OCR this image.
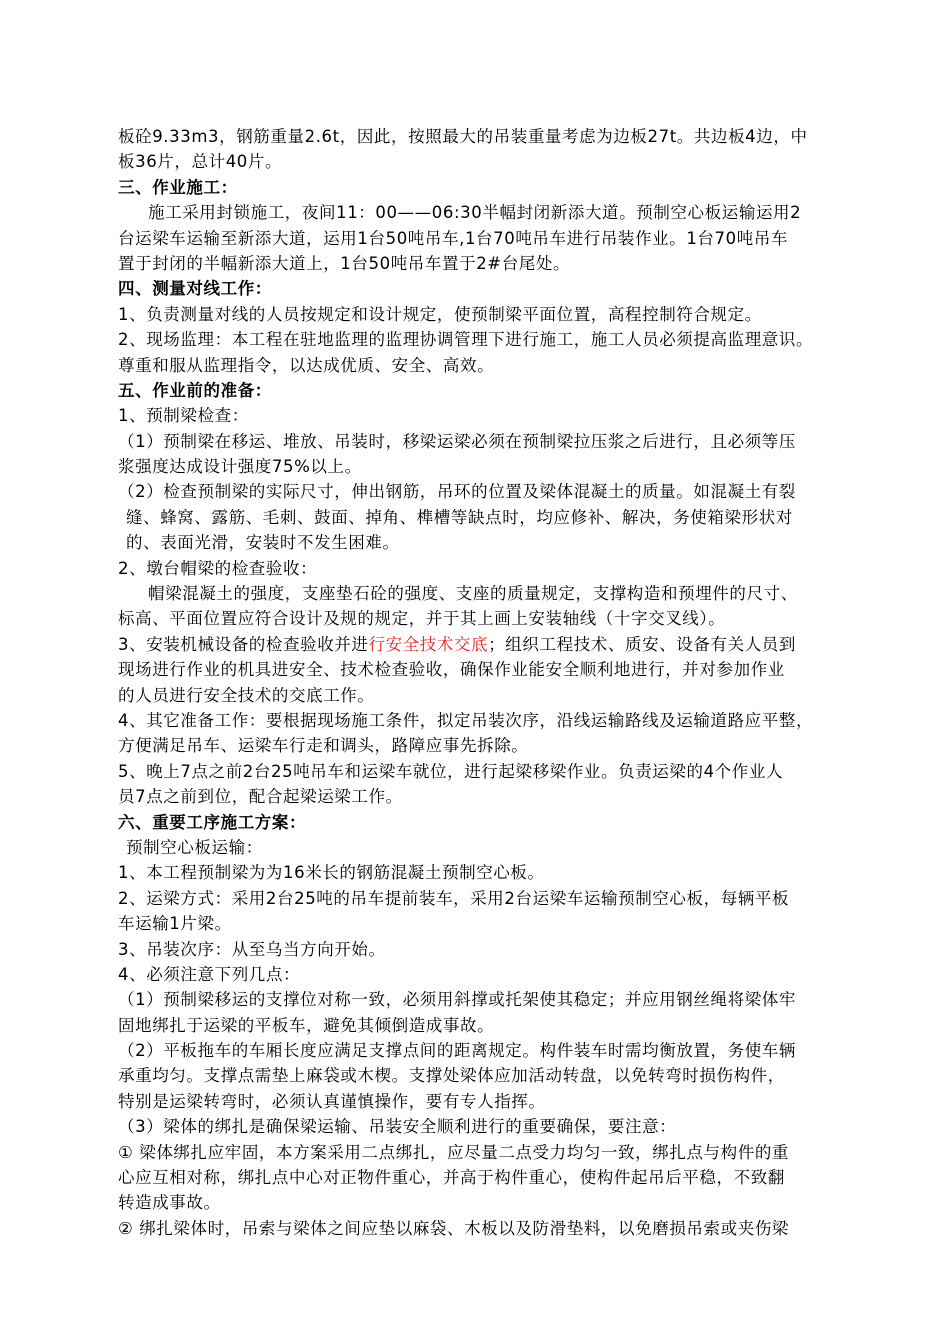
板砼9.33m3，钢筋重量2.6t，因此，按照最大的吊装重量考虑为边板27t。共边板4边，中
板36片，总计40片。
三、作业施工：
施工采用封锁施工，夜间11：00——06:30半幅封闭新添大道。预制空心板运输运用2
台运梁车运输至新添大道，运用1台50吨吊车,1台70吨吊车进行吊装作业。1台70吨吊车
置于封闭的半幅新添大道上，1台50吨吊车置于2#台尾处。
四、测量对线工作：
1、负责测量对线的人员按规定和设计规定，使预制梁平面位置，高程控制符合规定。
2、现场监理：本工程在驻地监理的监理协调管理下进行施工，施工人员必须提高监理意识。
尊重和服从监理指令，以达成优质、安全、高效。
五、作业前的准备：
1、预制梁检查：
（1）预制梁在移运、堆放、吊装时，移梁运梁必须在预制梁拉压浆之后进行，且必须等压
浆强度达成设计强度75%以上。
（2）检查预制梁的实际尺寸，伸出钢筋，吊环的位置及梁体混凝土的质量。如混凝土有裂
缝、蜂窝、露筋、毛刺、鼓面、掉角、榫槽等缺点时，均应修补、解决，务使箱梁形状对
的、表面光滑，安装时不发生困难。
2、墩台帽梁的检查验收：
帽梁混凝土的强度，支座垫石砼的强度、支座的质量规定，支撑构造和预埋件的尺寸、
标高、平面位置应符合设计及规的规定，并于其上画上安装轴线（十字交叉线）。
3、安装机械设备的检查验收并进行安全技术交底；组织工程技术、质安、设备有关人员到
现场进行作业的机具进安全、技术检查验收，确保作业能安全顺利地进行，并对参加作业
的人员进行安全技术的交底工作。
4、其它准备工作：要根据现场施工条件，拟定吊装次序，沿线运输路线及运输道路应平整，
方便满足吊车、运梁车行走和调头，路障应事先拆除。
5、晚上7点之前2台25吨吊车和运梁车就位，进行起梁移梁作业。负责运梁的4个作业人
员7点之前到位，配合起梁运梁工作。
六、重要工序施工方案：
预制空心板运输：
1、本工程预制梁为为16米长的钢筋混凝土预制空心板。
2、运梁方式：采用2台25吨的吊车提前装车，采用2台运梁车运输预制空心板，每辆平板
车运输1片梁。
3、吊装次序：从至乌当方向开始。
4、必须注意下列几点：
（1）预制梁移运的支撑位对称一致，必须用斜撑或托架使其稳定；并应用钢丝绳将梁体牢
固地绑扎于运梁的平板车，避免其倾倒造成事故。
（2）平板拖车的车厢长度应满足支撑点间的距离规定。构件装车时需均衡放置，务使车辆
承重均匀。支撑点需垫上麻袋或木楔。支撑处梁体应加活动转盘，以免转弯时损伤构件，
特别是运梁转弯时，必须认真谨慎操作，要有专人指挥。
（3）梁体的绑扎是确保梁运输、吊装安全顺利进行的重要确保，要注意：
① 梁体绑扎应牢固，本方案采用二点绑扎，应尽量二点受力均匀一致，绑扎点与构件的重
心应互相对称，绑扎点中心对正物件重心，并高于构件重心，使构件起吊后平稳，不致翻
转造成事故。
② 绑扎梁体时，吊索与梁体之间应垫以麻袋、木板以及防滑垫料，以免磨损吊索或夹伤梁
